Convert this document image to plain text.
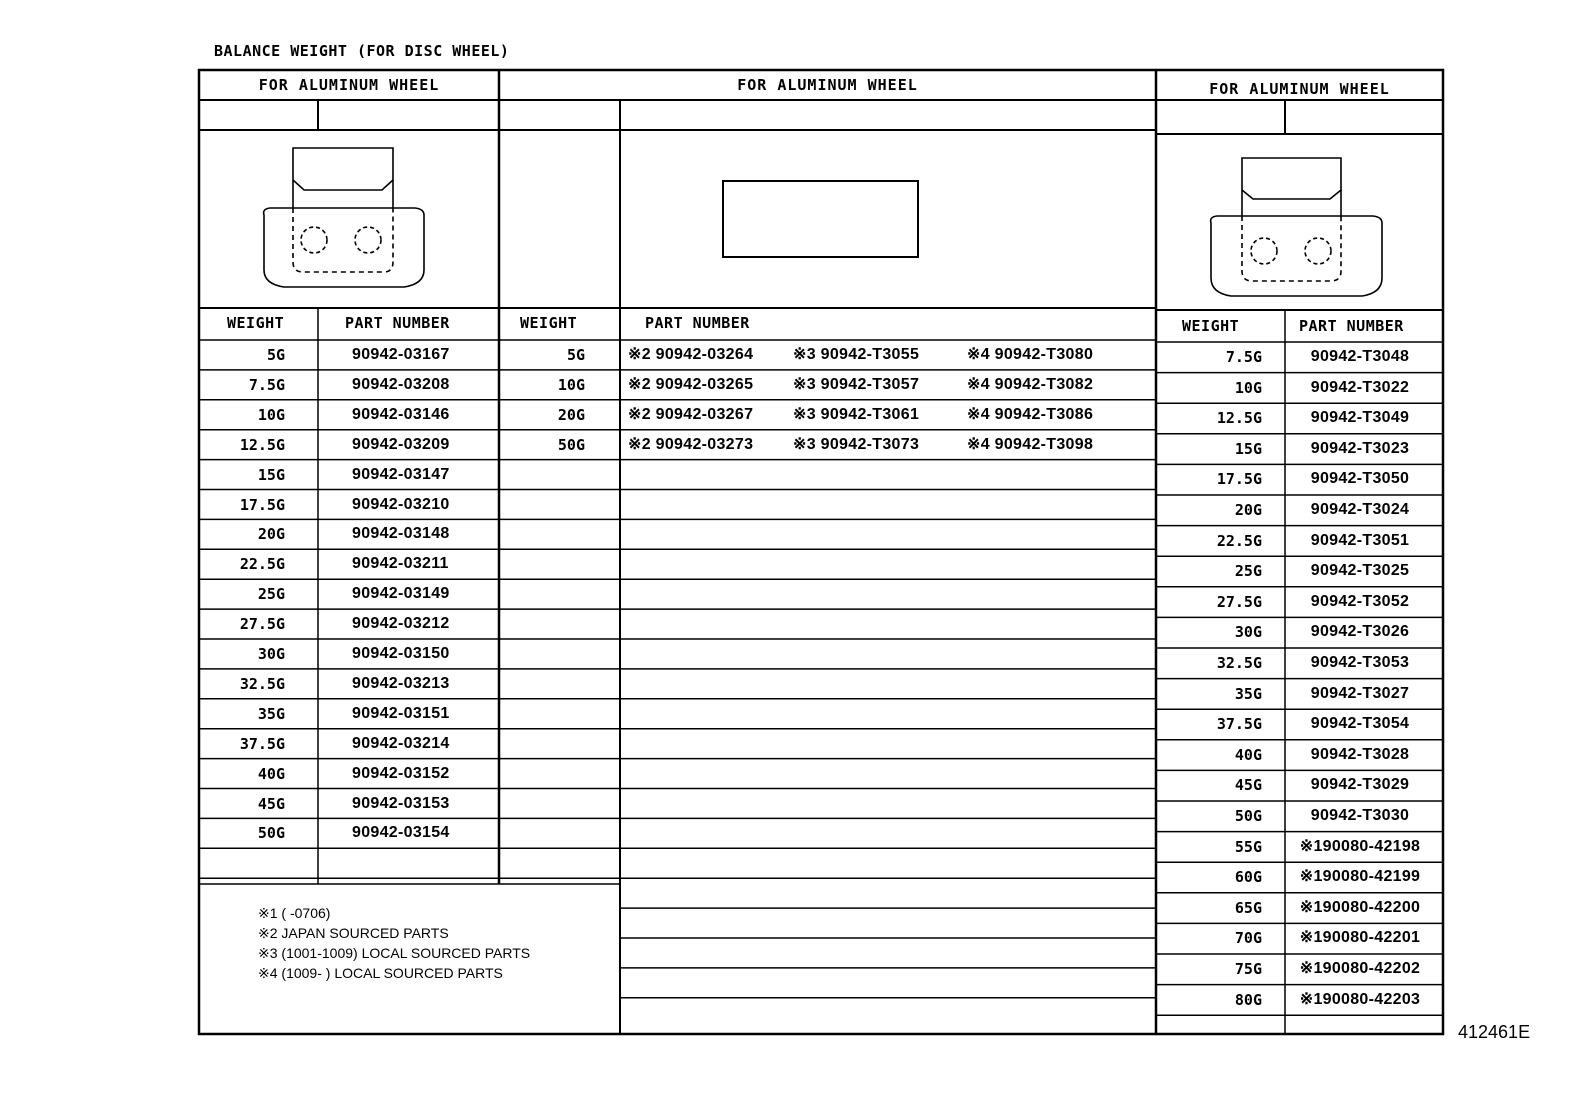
BALANCE WEIGHT (FOR DISC WHEEL)
FOR ALUMINUM WHEEL	FOR ALUMINUM WHEEL	FOR ALUMINUM WHEEL
WEIGHT	PART NUMBER	WEIGHT	PART NUMBER	WEIGHT	PART NUMBER
5G	90942-03167
7.5G	90942-03208
10G	90942-03146
12.5G	90942-03209
15G	90942-03147
17.5G	90942-03210
20G	90942-03148
22.5G	90942-03211
25G	90942-03149
27.5G	90942-03212
30G	90942-03150
32.5G	90942-03213
35G	90942-03151
37.5G	90942-03214
40G	90942-03152
45G	90942-03153
50G	90942-03154
5G	※2 90942-03264 ※3 90942-T3055	※4 90942-T3080
10G	※2 90942-03265 ※3 90942-T3057	※4 90942-T3082
20G	※2 90942-03267 ※3 90942-T3061	※4 90942-T3086
50G	※2 90942-03273 ※3 90942-T3073	※4 90942-T3098
7.5G	90942-T3048
10G	90942-T3022
12.5G	90942-T3049
15G	90942-T3023
17.5G	90942-T3050
20G	90942-T3024
22.5G	90942-T3051
25G	90942-T3025
27.5G	90942-T3052
30G	90942-T3026
32.5G	90942-T3053
35G	90942-T3027
37.5G	90942-T3054
40G	90942-T3028
45G	90942-T3029
50G	90942-T3030
55G	※190080-42198
60G	※190080-42199
65G	※190080-42200
70G	※190080-42201
75G	※190080-42202
80G	※190080-42203
※1 ( -0706)
※2 JAPAN SOURCED PARTS
※3 (1001-1009) LOCAL SOURCED PARTS
※4 (1009- ) LOCAL SOURCED PARTS
412461E
